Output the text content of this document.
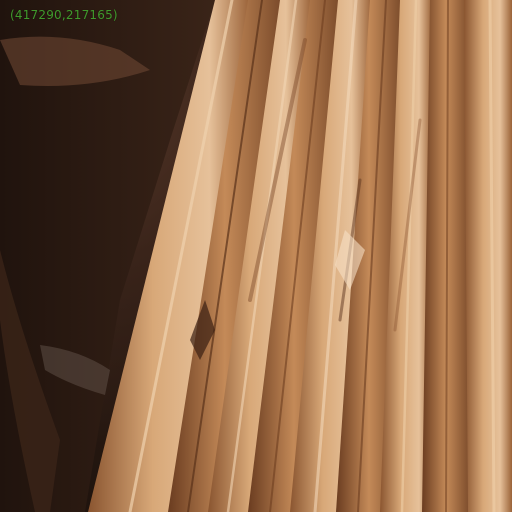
(417290,217165)
